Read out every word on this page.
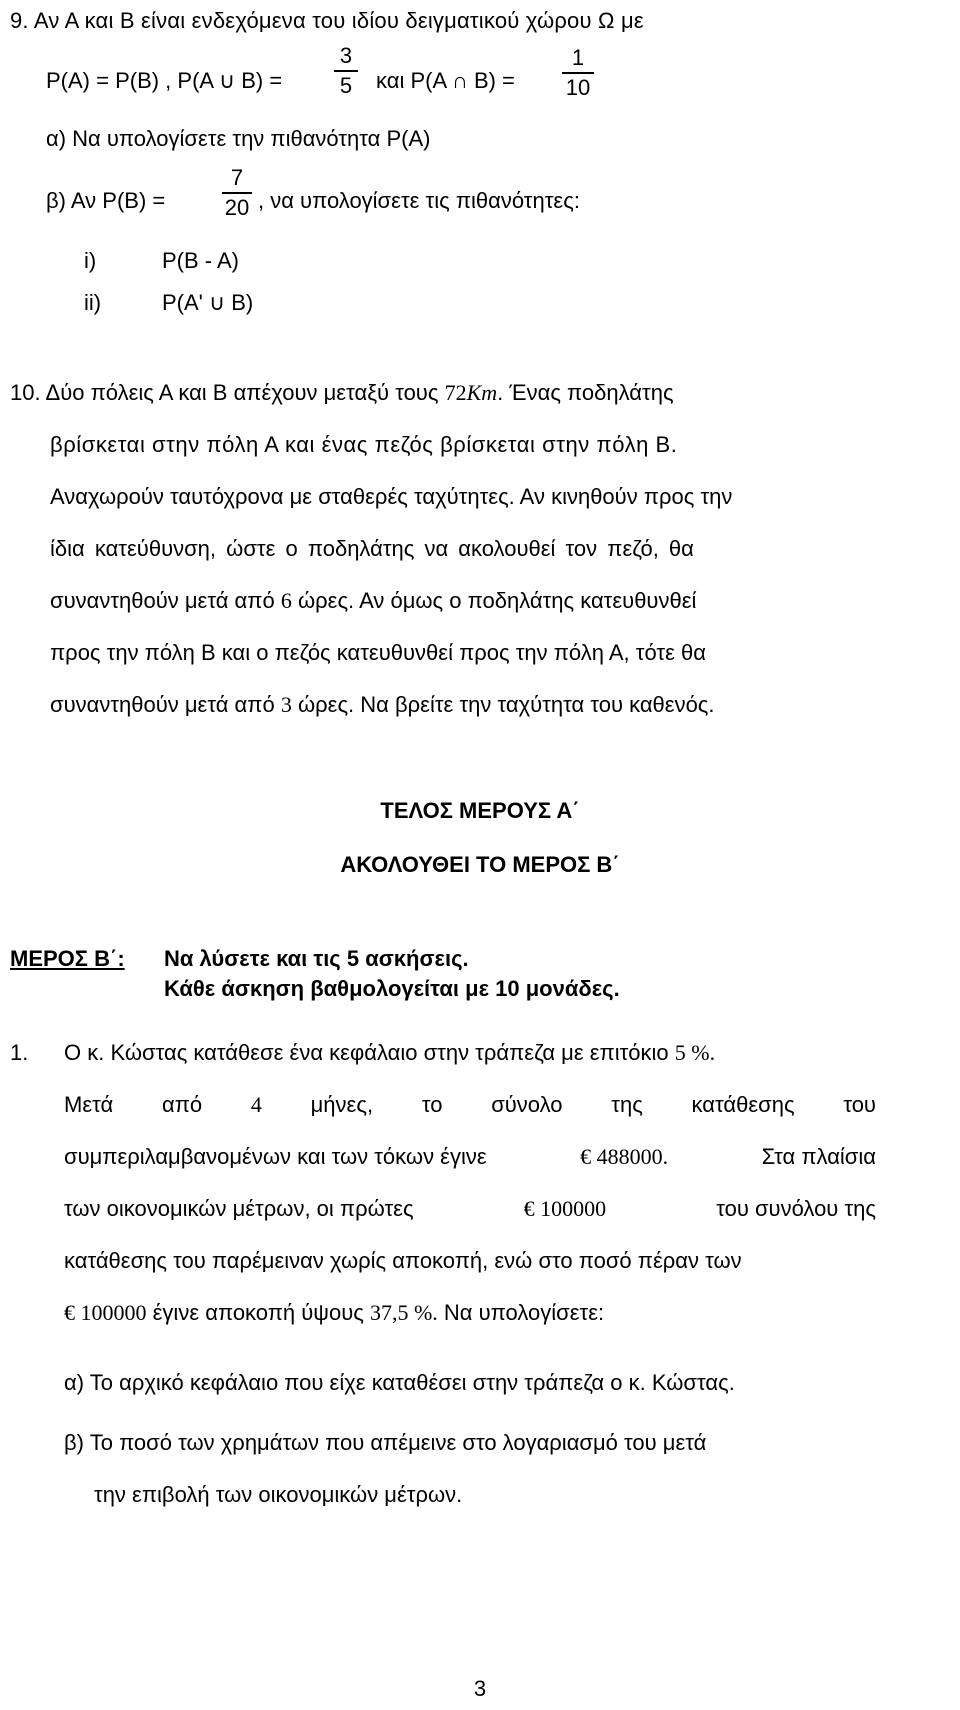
9. Αν Α και Β είναι ενδεχόμενα του ιδίου δειγματικού χώρου Ω με
P(A) = P(B) , P(A ∪ B) =
3
5 και P(A ∩ B) =
1
10
α) Να υπολογίσετε την πιθανότητα P(A)
β) Αν P(B) =
7
20 , να υπολογίσετε τις πιθανότητες:
i)	P(B - A)
ii)	P(A' ∪ B)
10. Δύο πόλεις Α και Β απέχουν μεταξύ τους 72Km. Ένας ποδηλάτης
βρίσκεται στην πόλη Α και ένας πεζός βρίσκεται στην πόλη Β.
Αναχωρούν ταυτόχρονα με σταθερές ταχύτητες. Αν κινηθούν προς την
ίδια κατεύθυνση, ώστε ο ποδηλάτης να ακολουθεί τον πεζό, θα
συναντηθούν μετά από 6 ώρες. Αν όμως ο ποδηλάτης κατευθυνθεί
προς την πόλη Β και ο πεζός κατευθυνθεί προς την πόλη Α, τότε θα
συναντηθούν μετά από 3 ώρες. Να βρείτε την ταχύτητα του καθενός.
ΤΕΛΟΣ ΜΕΡΟΥΣ Α΄
ΑΚΟΛΟΥΘΕΙ ΤΟ ΜΕΡΟΣ Β΄
ΜΕΡΟΣ Β΄: Να λύσετε και τις 5 ασκήσεις.
Κάθε άσκηση βαθμολογείται με 10 μονάδες.
1. Ο κ. Κώστας κατάθεσε ένα κεφάλαιο στην τράπεζα με επιτόκιο 5 %.
Μετά από 4 μήνες, το σύνολο της κατάθεσης του
συμπεριλαμβανομένων και των τόκων έγινε	€ 488000.	Στα πλαίσια
των οικονομικών μέτρων, οι πρώτες	€ 100000	του συνόλου της
κατάθεσης του παρέμειναν χωρίς αποκοπή, ενώ στο ποσό πέραν των
€ 100000 έγινε αποκοπή ύψους 37,5 %. Να υπολογίσετε:
α) Το αρχικό κεφάλαιο που είχε καταθέσει στην τράπεζα ο κ. Κώστας.
β) Το ποσό των χρημάτων που απέμεινε στο λογαριασμό του μετά
την επιβολή των οικονομικών μέτρων.
3
